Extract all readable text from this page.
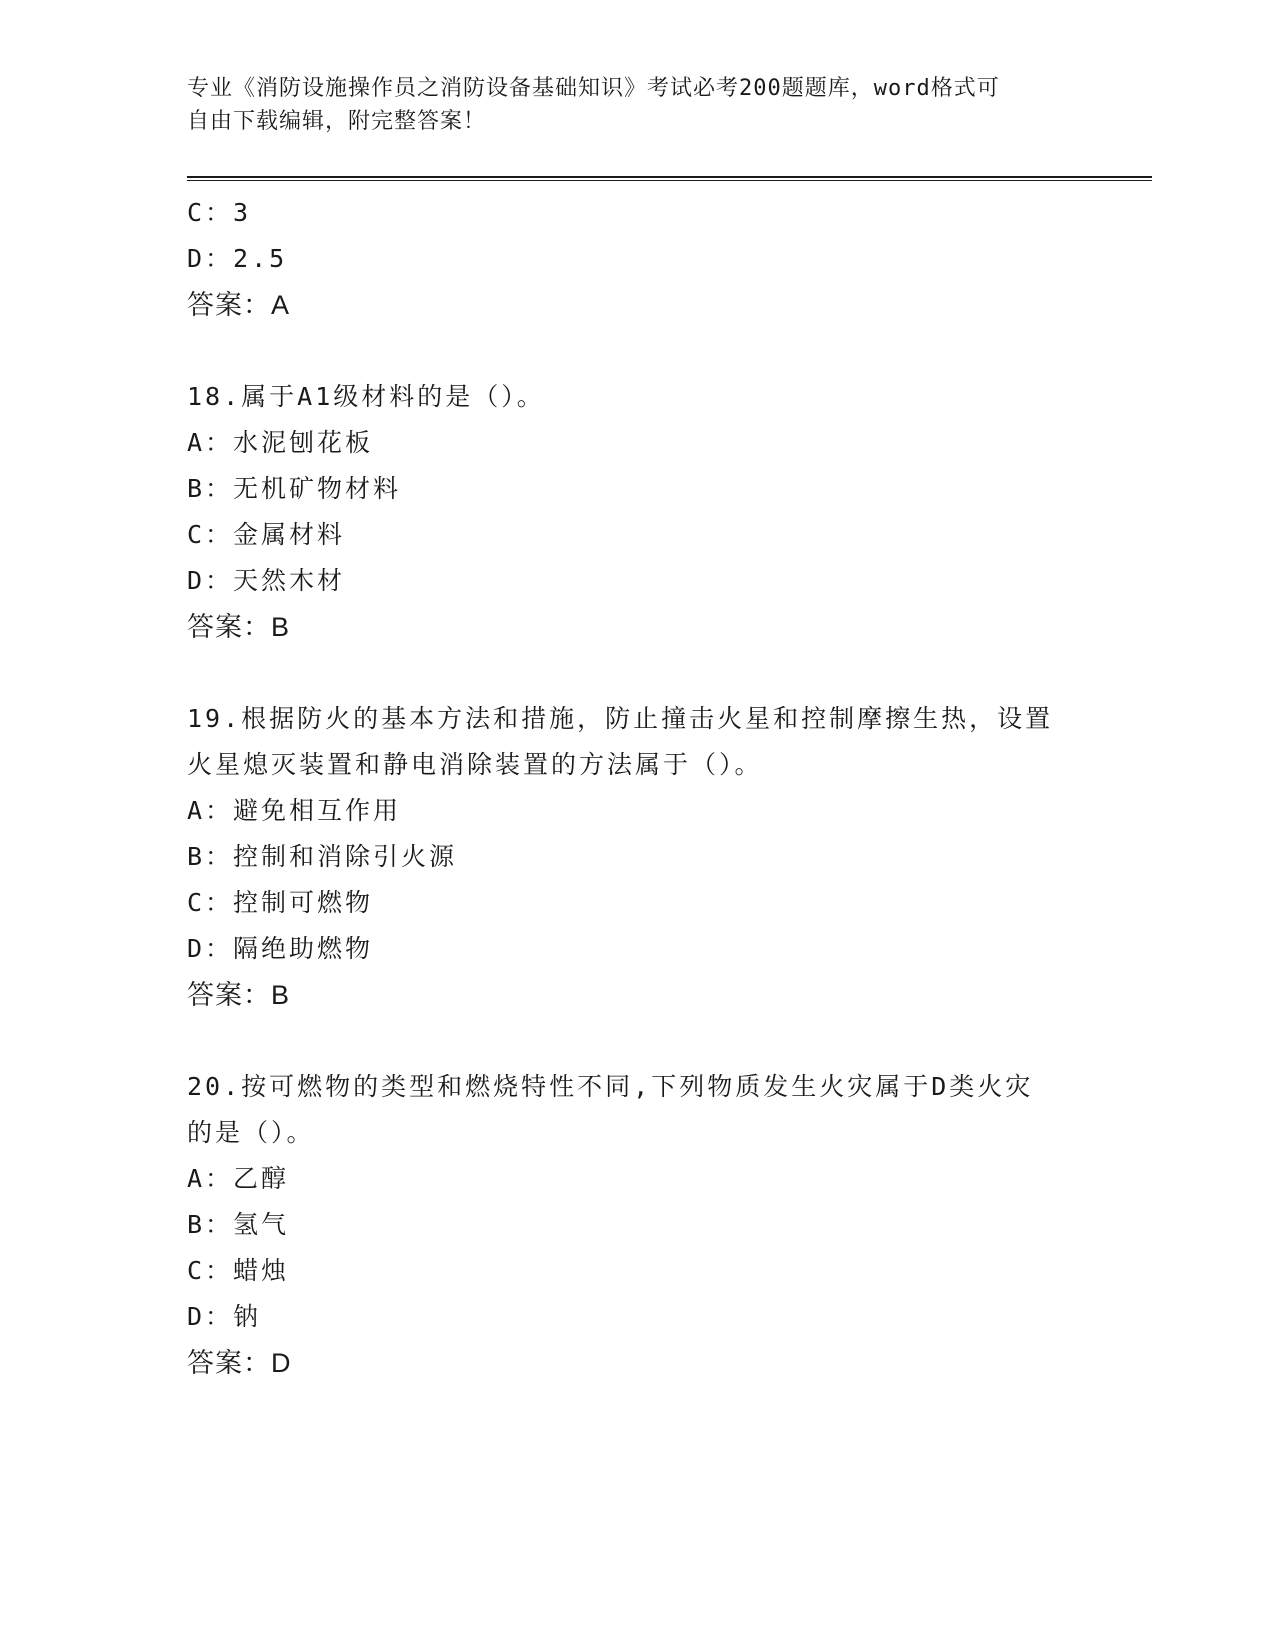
专业《消防设施操作员之消防设备基础知识》考试必考200题题库，word格式可
自由下载编辑，附完整答案！
C：3
D：2.5
答案：A
18.属于A1级材料的是（）。
A：水泥刨花板
B：无机矿物材料
C：金属材料
D：天然木材
答案：B
19.根据防火的基本方法和措施，防止撞击火星和控制摩擦生热，设置
火星熄灭装置和静电消除装置的方法属于（）。
A：避免相互作用
B：控制和消除引火源
C：控制可燃物
D：隔绝助燃物
答案：B
20.按可燃物的类型和燃烧特性不同,下列物质发生火灾属于D类火灾
的是（）。
A：乙醇
B：氢气
C：蜡烛
D：钠
答案：D
